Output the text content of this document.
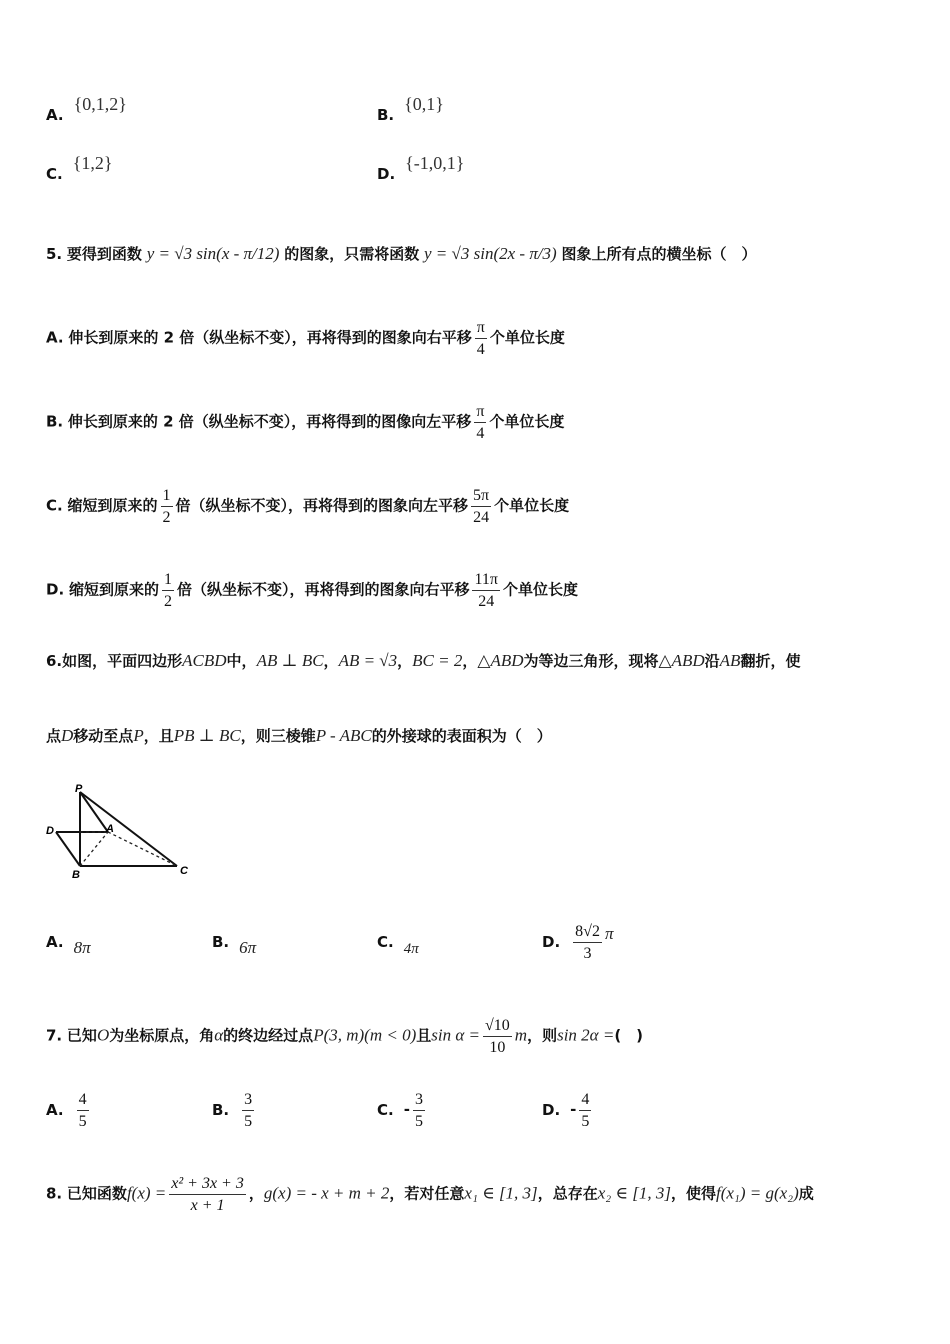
A.{0,1,2}
B.{0,1}
C.{1,2}
D.{-1,0,1}
5. 要得到函数 y = √3 sin(x - π/12) 的图象，只需将函数 y = √3 sin(2x - π/3) 图象上所有点的横坐标（　）
A. 伸长到原来的 2 倍（纵坐标不变），再将得到的图象向右平移 $\frac{\pi}{4}$ 个单位长度
B. 伸长到原来的 2 倍（纵坐标不变），再将得到的图像向左平移 $\frac{\pi}{4}$ 个单位长度
C. 缩短到原来的 $\frac{1}{2}$ 倍（纵坐标不变），再将得到的图象向左平移 $\frac{5\pi}{24}$ 个单位长度
D. 缩短到原来的 $\frac{1}{2}$ 倍（纵坐标不变），再将得到的图象向右平移 $\frac{11\pi}{24}$ 个单位长度
6.如图，平面四边形ACBD中，AB ⊥ BC，AB = √3，BC = 2，△ABD为等边三角形，现将△ABD沿AB翻折，使
点D移动至点P，且PB ⊥ BC，则三棱锥P - ABC的外接球的表面积为（　）
P
D	A
B	C
A. 8π	B. 6π	C. 4π	D. $\frac{8√2}{3}$ π
7. 已知O为坐标原点，角α的终边经过点P(3, m)(m < 0)且$\sin \alpha = \frac{√10}{10}$ m，则sin 2α =(　)
A. $\frac{4}{5}$	B. $\frac{3}{5}$	C. - $\frac{3}{5}$	D. - $\frac{4}{5}$
8. 已知函数$f(x) = \frac{\text{x² + 3x + 3}}{x + 1}$ ，g(x) = - x + m + 2，若对任意x₁ ∈ [1, 3]，总存在x₂ ∈ [1, 3]，使得f(x₁) = g(x₂)成
